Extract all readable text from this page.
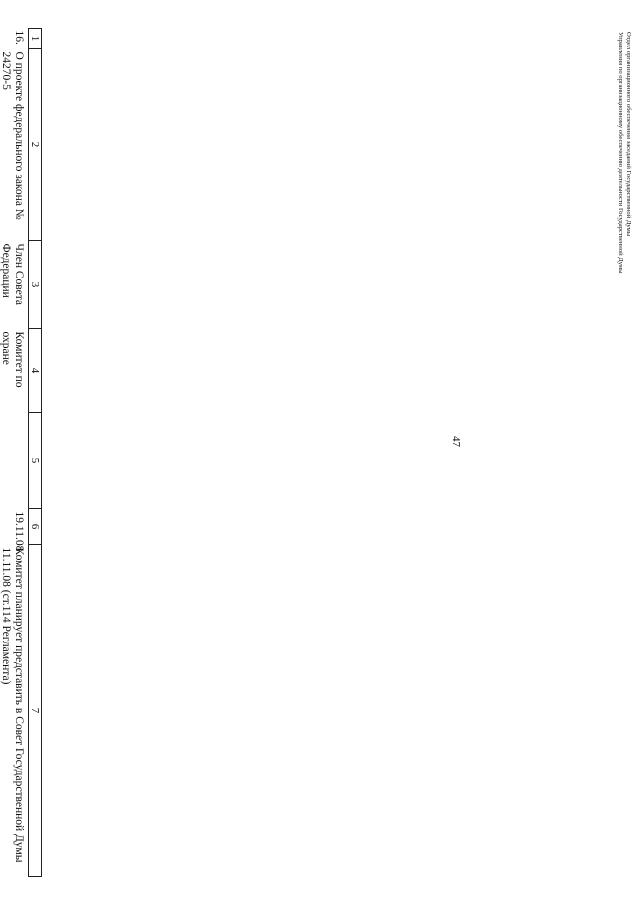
47
1	2	3	4	5	6	7
16.	О проекте федерального закона № 24270-5	Член Совета Федерации	Комитет по охране		19.11.08	Комитет планирует представить в Совет Государственной Думы 11.11.08 (ст.114 Регламента)

Отдел организационного обеспечения заседаний Государственной Думы
Управления по организационному обеспечению деятельности Государственной Думы
